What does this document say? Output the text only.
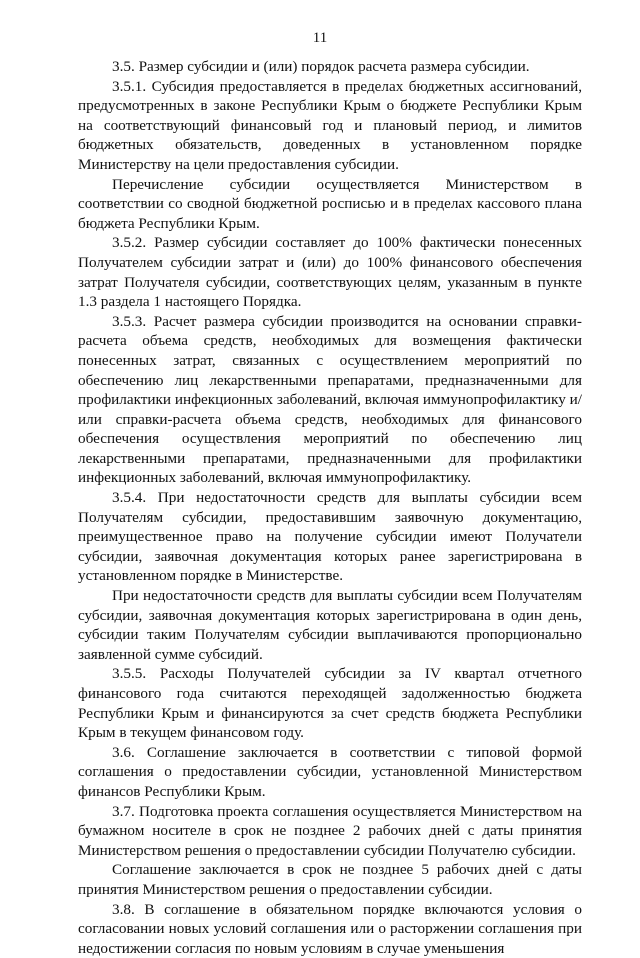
11

3.5. Размер субсидии и (или) порядок расчета размера субсидии.

3.5.1. Субсидия предоставляется в пределах бюджетных ассигнований, предусмотренных в законе Республики Крым о бюджете Республики Крым на соответствующий финансовый год и плановый период, и лимитов бюджетных обязательств, доведенных в установленном порядке Министерству на цели предоставления субсидии.

Перечисление субсидии осуществляется Министерством в соответствии со сводной бюджетной росписью и в пределах кассового плана бюджета Республики Крым.

3.5.2. Размер субсидии составляет до 100% фактически понесенных Получателем субсидии затрат и (или) до 100% финансового обеспечения затрат Получателя субсидии, соответствующих целям, указанным в пункте 1.3 раздела 1 настоящего Порядка.

3.5.3. Расчет размера субсидии производится на основании справки-расчета объема средств, необходимых для возмещения фактически понесенных затрат, связанных с осуществлением мероприятий по обеспечению лиц лекарственными препаратами, предназначенными для профилактики инфекционных заболеваний, включая иммунопрофилактику и/или справки-расчета объема средств, необходимых для финансового обеспечения осуществления мероприятий по обеспечению лиц лекарственными препаратами, предназначенными для профилактики инфекционных заболеваний, включая иммунопрофилактику.

3.5.4. При недостаточности средств для выплаты субсидии всем Получателям субсидии, предоставившим заявочную документацию, преимущественное право на получение субсидии имеют Получатели субсидии, заявочная документация которых ранее зарегистрирована в установленном порядке в Министерстве.

При недостаточности средств для выплаты субсидии всем Получателям субсидии, заявочная документация которых зарегистрирована в один день, субсидии таким Получателям субсидии выплачиваются пропорционально заявленной сумме субсидий.

3.5.5. Расходы Получателей субсидии за IV квартал отчетного финансового года считаются переходящей задолженностью бюджета Республики Крым и финансируются за счет средств бюджета Республики Крым в текущем финансовом году.

3.6. Соглашение заключается в соответствии с типовой формой соглашения о предоставлении субсидии, установленной Министерством финансов Республики Крым.

3.7. Подготовка проекта соглашения осуществляется Министерством на бумажном носителе в срок не позднее 2 рабочих дней с даты принятия Министерством решения о предоставлении субсидии Получателю субсидии.

Соглашение заключается в срок не позднее 5 рабочих дней с даты принятия Министерством решения о предоставлении субсидии.

3.8. В соглашение в обязательном порядке включаются условия о согласовании новых условий соглашения или о расторжении соглашения при недостижении согласия по новым условиям в случае уменьшения
